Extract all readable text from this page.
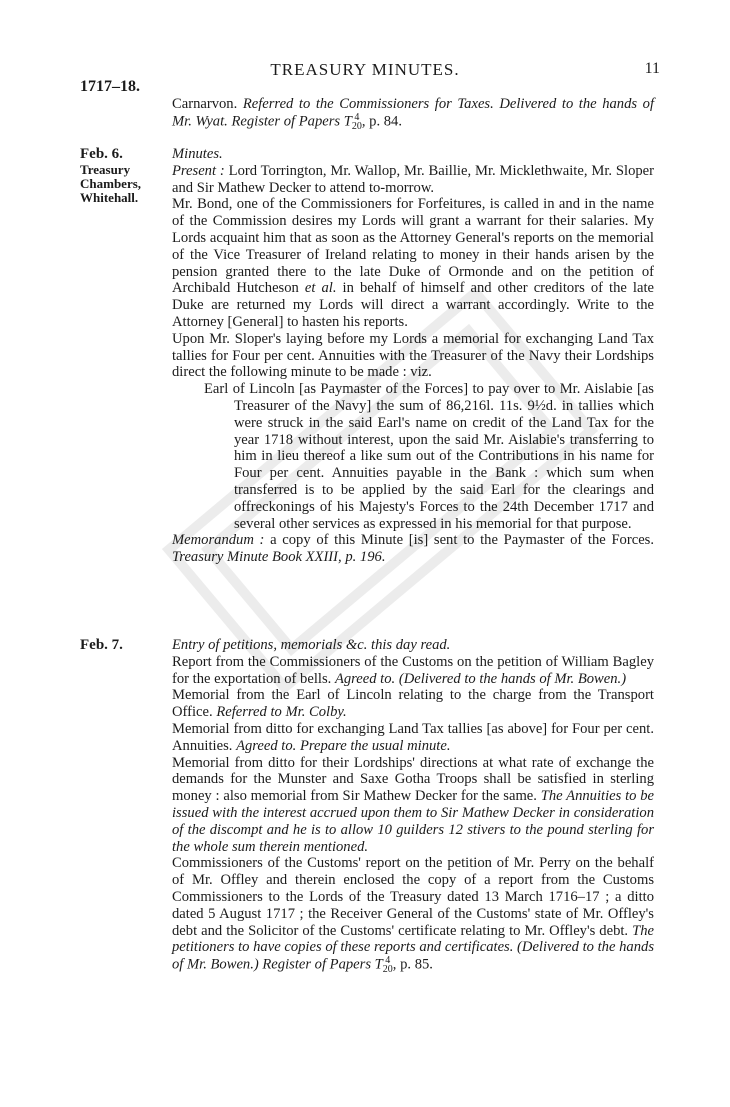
TREASURY MINUTES.	11
1717–18.

Carnarvon. Referred to the Commissioners for Taxes. Delivered to the hands of Mr. Wyat. Register of Papers T 4
20 , p. 84.

Feb. 6.
Treasury
Chambers,
Whitehall.

Minutes.

Present : Lord Torrington, Mr. Wallop, Mr. Baillie, Mr. Micklethwaite, Mr. Sloper and Sir Mathew Decker to attend to-morrow.

Mr. Bond, one of the Commissioners for Forfeitures, is called in and in the name of the Commission desires my Lords will grant a warrant for their salaries. My Lords acquaint him that as soon as the Attorney General's reports on the memorial of the Vice Treasurer of Ireland relating to money in their hands arisen by the pension granted there to the late Duke of Ormonde and on the petition of Archibald Hutcheson et al. in behalf of himself and other creditors of the late Duke are returned my Lords will direct a warrant accordingly. Write to the Attorney [General] to hasten his reports.

Upon Mr. Sloper's laying before my Lords a memorial for exchanging Land Tax tallies for Four per cent. Annuities with the Treasurer of the Navy their Lordships direct the following minute to be made : viz.

Earl of Lincoln [as Paymaster of the Forces] to pay over to Mr. Aislabie [as Treasurer of the Navy] the sum of 86,216l. 11s. 9½d. in tallies which were struck in the said Earl's name on credit of the Land Tax for the year 1718 without interest, upon the said Mr. Aislabie's transferring to him in lieu thereof a like sum out of the Contributions in his name for Four per cent. Annuities payable in the Bank : which sum when transferred is to be applied by the said Earl for the clearings and offreckonings of his Majesty's Forces to the 24th December 1717 and several other services as expressed in his memorial for that purpose.

Memorandum : a copy of this Minute [is] sent to the Paymaster of the Forces. Treasury Minute Book XXIII, p. 196.

Feb. 7.	Entry of petitions, memorials &c. this day read.

Report from the Commissioners of the Customs on the petition of William Bagley for the exportation of bells. Agreed to. (Delivered to the hands of Mr. Bowen.)

Memorial from the Earl of Lincoln relating to the charge from the Transport Office. Referred to Mr. Colby.

Memorial from ditto for exchanging Land Tax tallies [as above] for Four per cent. Annuities. Agreed to. Prepare the usual minute.

Memorial from ditto for their Lordships' directions at what rate of exchange the demands for the Munster and Saxe Gotha Troops shall be satisfied in sterling money : also memorial from Sir Mathew Decker for the same. The Annuities to be issued with the interest accrued upon them to Sir Mathew Decker in consideration of the discompt and he is to allow 10 guilders 12 stivers to the pound sterling for the whole sum therein mentioned.

Commissioners of the Customs' report on the petition of Mr. Perry on the behalf of Mr. Offley and therein enclosed the copy of a report from the Customs Commissioners to the Lords of the Treasury dated 13 March 1716–17 ; a ditto dated 5 August 1717 ; the Receiver General of the Customs' state of Mr. Offley's debt and the Solicitor of the Customs' certificate relating to Mr. Offley's debt. The petitioners to have copies of these reports and certificates. (Delivered to the hands of Mr. Bowen.) Register of Papers T 4
20 , p. 85.
